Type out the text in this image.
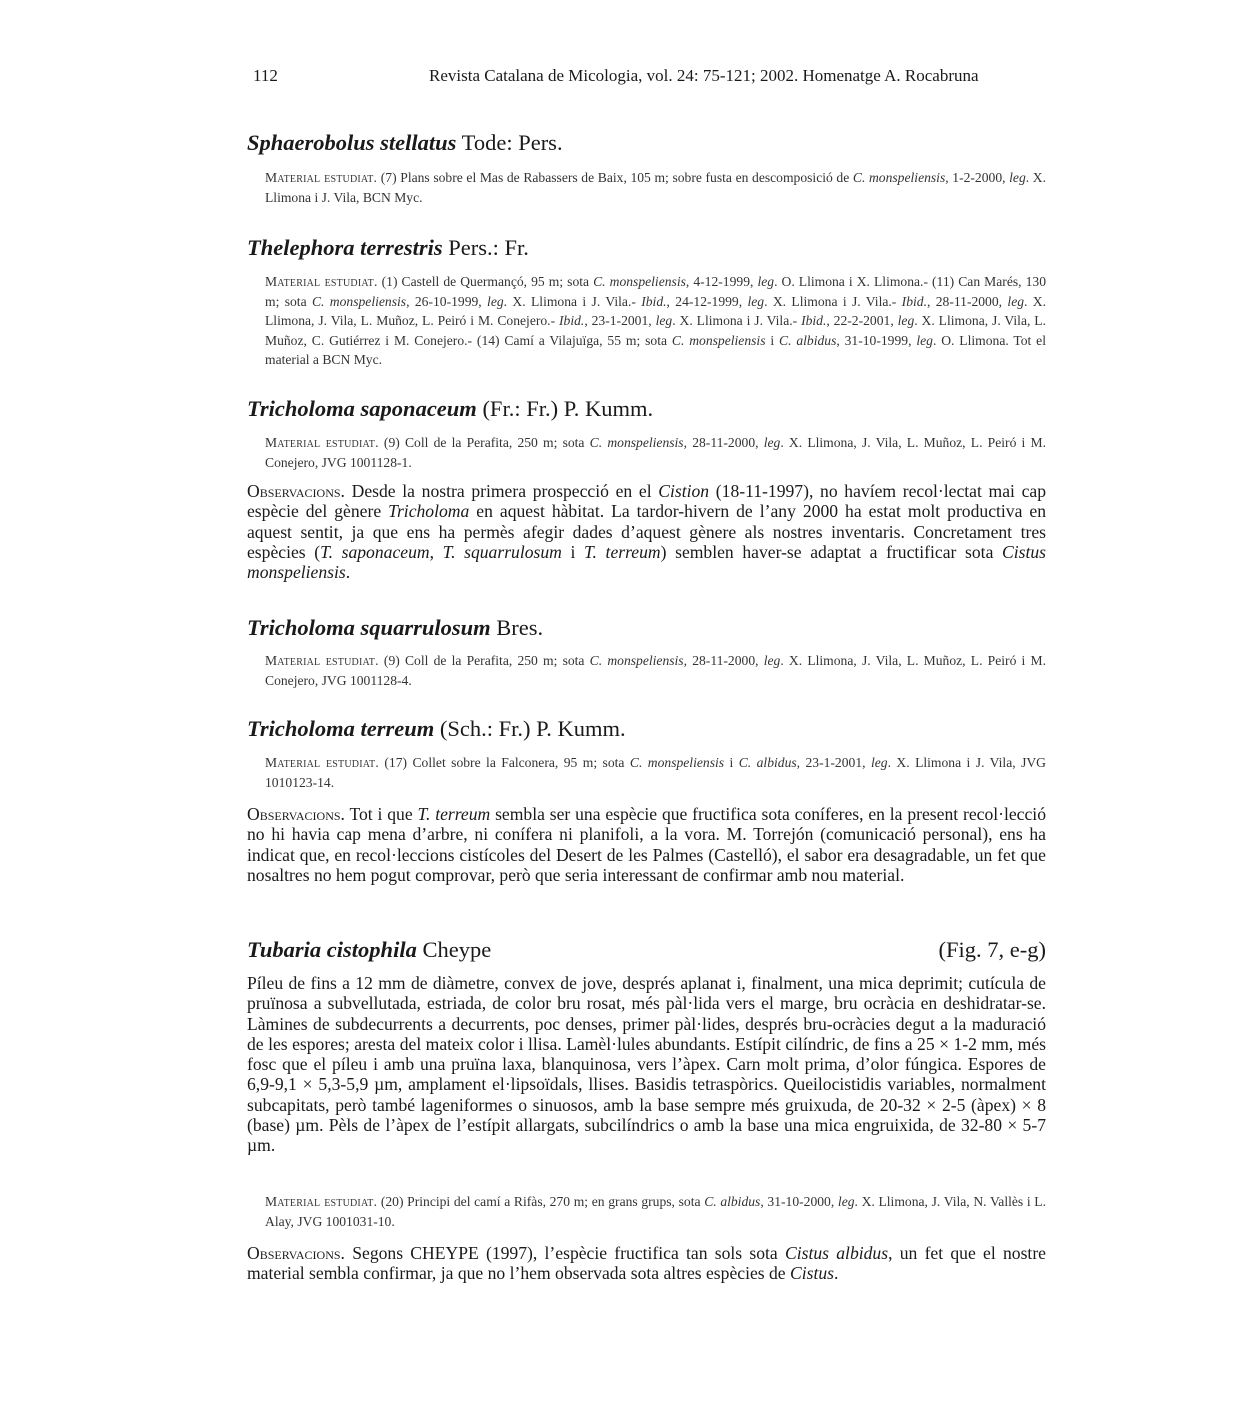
112	Revista Catalana de Micologia, vol. 24: 75-121; 2002. Homenatge A. Rocabruna
Sphaerobolus stellatus Tode: Pers.
Material estudiat. (7) Plans sobre el Mas de Rabassers de Baix, 105 m; sobre fusta en descomposició de C. monspeliensis, 1-2-2000, leg. X. Llimona i J. Vila, BCN Myc.
Thelephora terrestris Pers.: Fr.
Material estudiat. (1) Castell de Quermançó, 95 m; sota C. monspeliensis, 4-12-1999, leg. O. Llimona i X. Llimona.- (11) Can Marés, 130 m; sota C. monspeliensis, 26-10-1999, leg. X. Llimona i J. Vila.- Ibid., 24-12-1999, leg. X. Llimona i J. Vila.- Ibid., 28-11-2000, leg. X. Llimona, J. Vila, L. Muñoz, L. Peiró i M. Conejero.- Ibid., 23-1-2001, leg. X. Llimona i J. Vila.- Ibid., 22-2-2001, leg. X. Llimona, J. Vila, L. Muñoz, C. Gutiérrez i M. Conejero.- (14) Camí a Vilajuïga, 55 m; sota C. monspeliensis i C. albidus, 31-10-1999, leg. O. Llimona. Tot el material a BCN Myc.
Tricholoma saponaceum (Fr.: Fr.) P. Kumm.
Material estudiat. (9) Coll de la Perafita, 250 m; sota C. monspeliensis, 28-11-2000, leg. X. Llimona, J. Vila, L. Muñoz, L. Peiró i M. Conejero, JVG 1001128-1.
Observacions. Desde la nostra primera prospecció en el Cistion (18-11-1997), no havíem recol·lectat mai cap espècie del gènere Tricholoma en aquest hàbitat. La tardor-hivern de l’any 2000 ha estat molt productiva en aquest sentit, ja que ens ha permès afegir dades d’aquest gènere als nostres inventaris. Concretament tres espècies (T. saponaceum, T. squarrulosum i T. terreum) semblen haver-se adaptat a fructificar sota Cistus monspeliensis.
Tricholoma squarrulosum Bres.
Material estudiat. (9) Coll de la Perafita, 250 m; sota C. monspeliensis, 28-11-2000, leg. X. Llimona, J. Vila, L. Muñoz, L. Peiró i M. Conejero, JVG 1001128-4.
Tricholoma terreum (Sch.: Fr.) P. Kumm.
Material estudiat. (17) Collet sobre la Falconera, 95 m; sota C. monspeliensis i C. albidus, 23-1-2001, leg. X. Llimona i J. Vila, JVG 1010123-14.
Observacions. Tot i que T. terreum sembla ser una espècie que fructifica sota coníferes, en la present recol·lecció no hi havia cap mena d’arbre, ni conífera ni planifoli, a la vora. M. Torrejón (comunicació personal), ens ha indicat que, en recol·leccions cistícoles del Desert de les Palmes (Castelló), el sabor era desagradable, un fet que nosaltres no hem pogut comprovar, però que seria interessant de confirmar amb nou material.
Tubaria cistophila Cheype	(Fig. 7, e-g)
Píleu de fins a 12 mm de diàmetre, convex de jove, després aplanat i, finalment, una mica deprimit; cutícula de pruïnosa a subvellutada, estriada, de color bru rosat, més pàl·lida vers el marge, bru ocràcia en deshidratar-se. Làmines de subdecurrents a decurrents, poc denses, primer pàl·lides, després bru-ocràcies degut a la maduració de les espores; aresta del mateix color i llisa. Lamèl·lules abundants. Estípit cilíndric, de fins a 25 × 1-2 mm, més fosc que el píleu i amb una pruïna laxa, blanquinosa, vers l’àpex. Carn molt prima, d’olor fúngica. Espores de 6,9-9,1 × 5,3-5,9 µm, amplament el·lipsoïdals, llises. Basidis tetraspòrics. Queilocistidis variables, normalment subcapitats, però també lageniformes o sinuosos, amb la base sempre més gruixuda, de 20-32 × 2-5 (àpex) × 8 (base) µm. Pèls de l’àpex de l’estípit allargats, subcilíndrics o amb la base una mica engruixida, de 32-80 × 5-7 µm.
Material estudiat. (20) Principi del camí a Rifàs, 270 m; en grans grups, sota C. albidus, 31-10-2000, leg. X. Llimona, J. Vila, N. Vallès i L. Alay, JVG 1001031-10.
Observacions. Segons CHEYPE (1997), l’espècie fructifica tan sols sota Cistus albidus, un fet que el nostre material sembla confirmar, ja que no l’hem observada sota altres espècies de Cistus.
